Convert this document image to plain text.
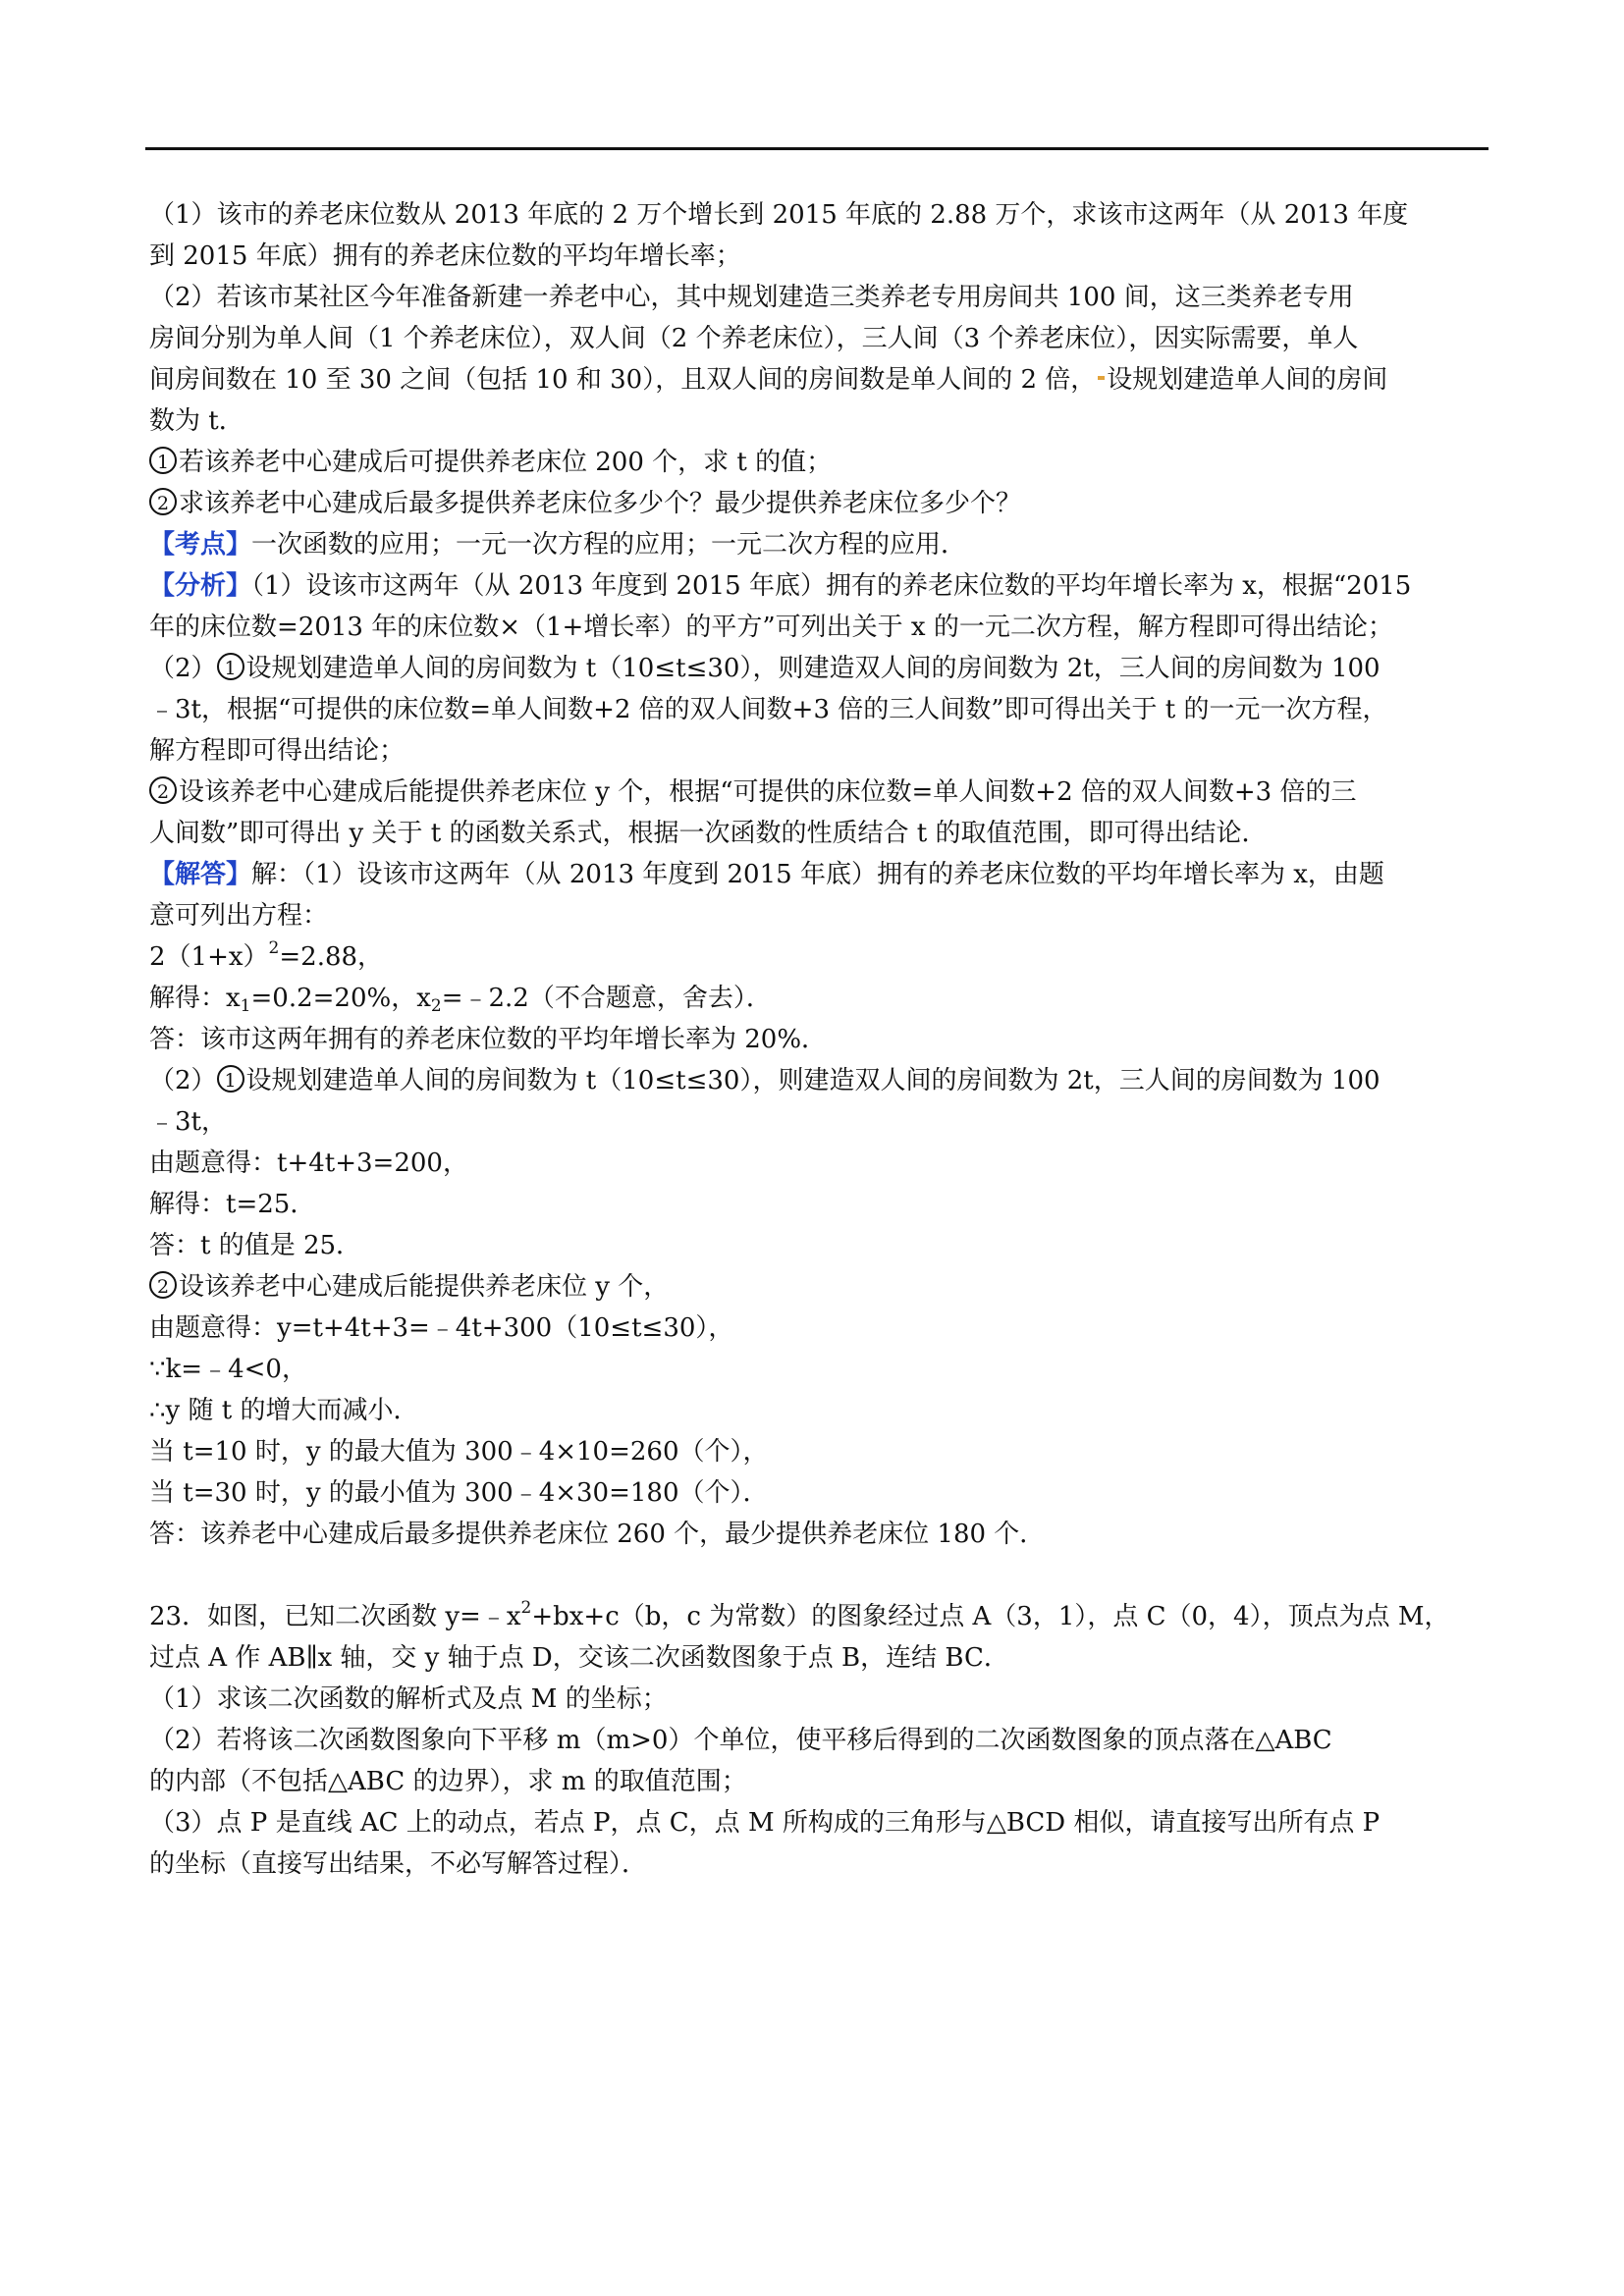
（1）该市的养老床位数从 2013 年底的 2 万个增长到 2015 年底的 2.88 万个，求该市这两年（从 2013 年度
到 2015 年底）拥有的养老床位数的平均年增长率；
（2）若该市某社区今年准备新建一养老中心，其中规划建造三类养老专用房间共 100 间，这三类养老专用
房间分别为单人间（1 个养老床位），双人间（2 个养老床位），三人间（3 个养老床位），因实际需要，单人
间房间数在 10 至 30 之间（包括 10 和 30），且双人间的房间数是单人间的 2 倍， 设规划建造单人间的房间
数为 t．
1 若该养老中心建成后可提供养老床位 200 个，求 t 的值；
2 求该养老中心建成后最多提供养老床位多少个？最少提供养老床位多少个？
【考点】一次函数的应用；一元一次方程的应用；一元二次方程的应用．
【分析】（1）设该市这两年（从 2013 年度到 2015 年底）拥有的养老床位数的平均年增长率为 x，根据“2015
年的床位数=2013 年的床位数×（1+增长率）的平方”可列出关于 x 的一元二次方程，解方程即可得出结论；
（2） 1 设规划建造单人间的房间数为 t（10≤t≤30），则建造双人间的房间数为 2t，三人间的房间数为 100
﹣3t，根据“可提供的床位数=单人间数+2 倍的双人间数+3 倍的三人间数”即可得出关于 t 的一元一次方程，
解方程即可得出结论；
2 设该养老中心建成后能提供养老床位 y 个，根据“可提供的床位数=单人间数+2 倍的双人间数+3 倍的三
人间数”即可得出 y 关于 t 的函数关系式，根据一次函数的性质结合 t 的取值范围，即可得出结论．
【解答】解：（1）设该市这两年（从 2013 年度到 2015 年底）拥有的养老床位数的平均年增长率为 x，由题
意可列出方程：
$2(1+x)^2=2.88$，
解得：$x_1=0.2=20\%$，$x_2=﹣2.2$（不合题意，舍去）．
答：该市这两年拥有的养老床位数的平均年增长率为 20%．
（2） 1 设规划建造单人间的房间数为 t（10≤t≤30），则建造双人间的房间数为 2t，三人间的房间数为 100
﹣3t，
由题意得：t+4t+3=200，
解得：t=25．
答：t 的值是 25．
2 设该养老中心建成后能提供养老床位 y 个，
由题意得：y=t+4t+3=﹣4t+300（10≤t≤30），
∵k=﹣4<0，
∴y 随 t 的增大而减小．
当 t=10 时，y 的最大值为 300﹣4×10=260（个），
当 t=30 时，y 的最小值为 300﹣4×30=180（个）．
答：该养老中心建成后最多提供养老床位 260 个，最少提供养老床位 180 个．
23．如图，已知二次函数 $y=﹣x^2+bx+c(b$，c 为常数）的图象经过点 A（3，1），点 C（0，4），顶点为点 M，
过点 A 作 AB∥x 轴，交 y 轴于点 D，交该二次函数图象于点 B，连结 BC．
（1）求该二次函数的解析式及点 M 的坐标；
（2）若将该二次函数图象向下平移 m（m>0）个单位，使平移后得到的二次函数图象的顶点落在△ABC
的内部（不包括△ABC 的边界），求 m 的取值范围；
（3）点 P 是直线 AC 上的动点，若点 P，点 C，点 M 所构成的三角形与△BCD 相似，请直接写出所有点 P
的坐标（直接写出结果，不必写解答过程）．
